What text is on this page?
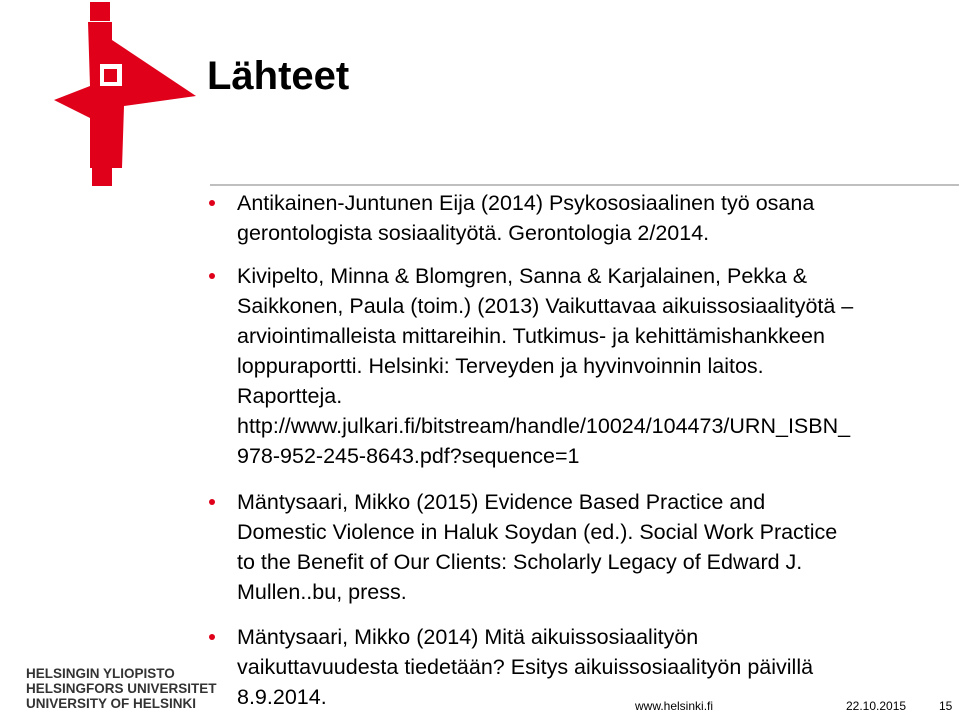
Lähteet
Antikainen-Juntunen Eija (2014) Psykososiaalinen työ osana
gerontologista sosiaalityötä. Gerontologia 2/2014.
Kivipelto, Minna & Blomgren, Sanna & Karjalainen, Pekka &
Saikkonen, Paula (toim.) (2013) Vaikuttavaa aikuissosiaalityötä –
arviointimalleista mittareihin. Tutkimus- ja kehittämishankkeen
loppuraportti. Helsinki: Terveyden ja hyvinvoinnin laitos.
Raportteja.
http://www.julkari.fi/bitstream/handle/10024/104473/URN_ISBN_
978-952-245-8643.pdf?sequence=1
Mäntysaari, Mikko (2015) Evidence Based Practice and
Domestic Violence in Haluk Soydan (ed.). Social Work Practice
to the Benefit of Our Clients: Scholarly Legacy of Edward J.
Mullen..bu, press.
Mäntysaari, Mikko (2014) Mitä aikuissosiaalityön
vaikuttavuudesta tiedetään? Esitys aikuissosiaalityön päivillä
8.9.2014.
HELSINGIN YLIOPISTO
HELSINGFORS UNIVERSITET
UNIVERSITY OF HELSINKI	www.helsinki.fi	22.10.2015	15
